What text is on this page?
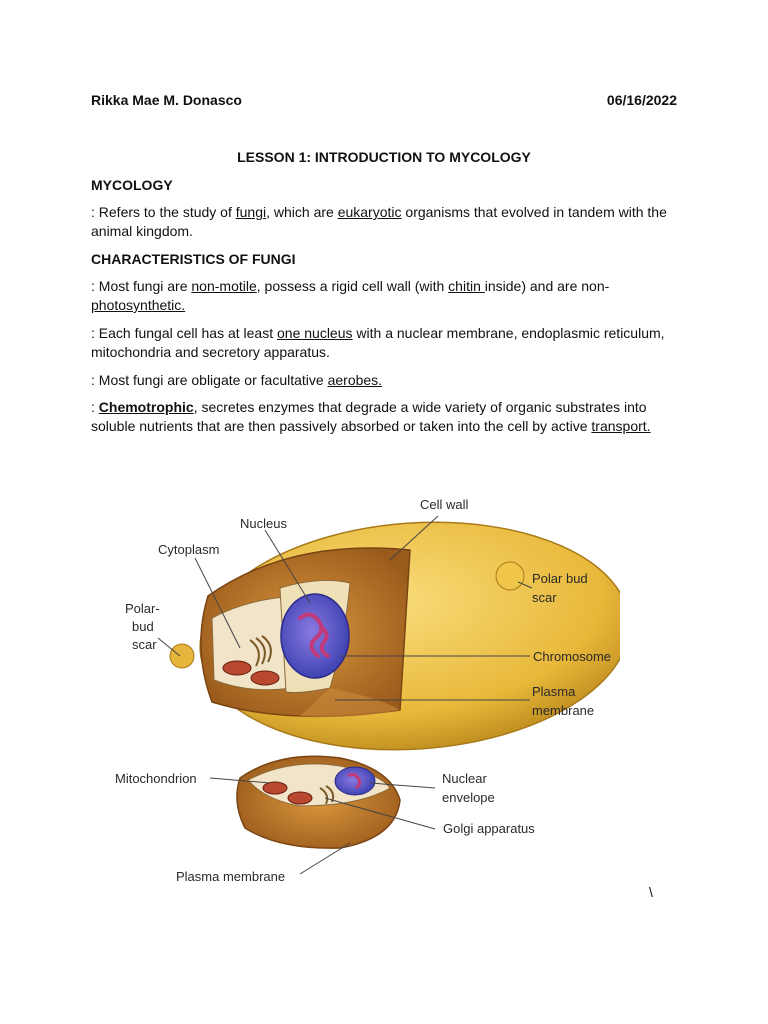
Rikka Mae M. Donasco	06/16/2022
LESSON 1: INTRODUCTION TO MYCOLOGY
MYCOLOGY
: Refers to the study of fungi, which are eukaryotic organisms that evolved in tandem with the animal kingdom.
CHARACTERISTICS OF FUNGI
: Most fungi are non-motile, possess a rigid cell wall (with chitin inside) and are non-photosynthetic.
: Each fungal cell has at least one nucleus with a nuclear membrane, endoplasmic reticulum, mitochondria and secretory apparatus.
: Most fungi are obligate or facultative aerobes.
: Chemotrophic, secretes enzymes that degrade a wide variety of organic substrates into soluble nutrients that are then passively absorbed or taken into the cell by active transport.
Cell wall
Nucleus
Cytoplasm
Polar-
bud
scar
Polar bud
scar
Chromosome
Plasma
membrane
Mitochondrion	Nuclear
envelope
Golgi apparatus
Plasma membrane
\
